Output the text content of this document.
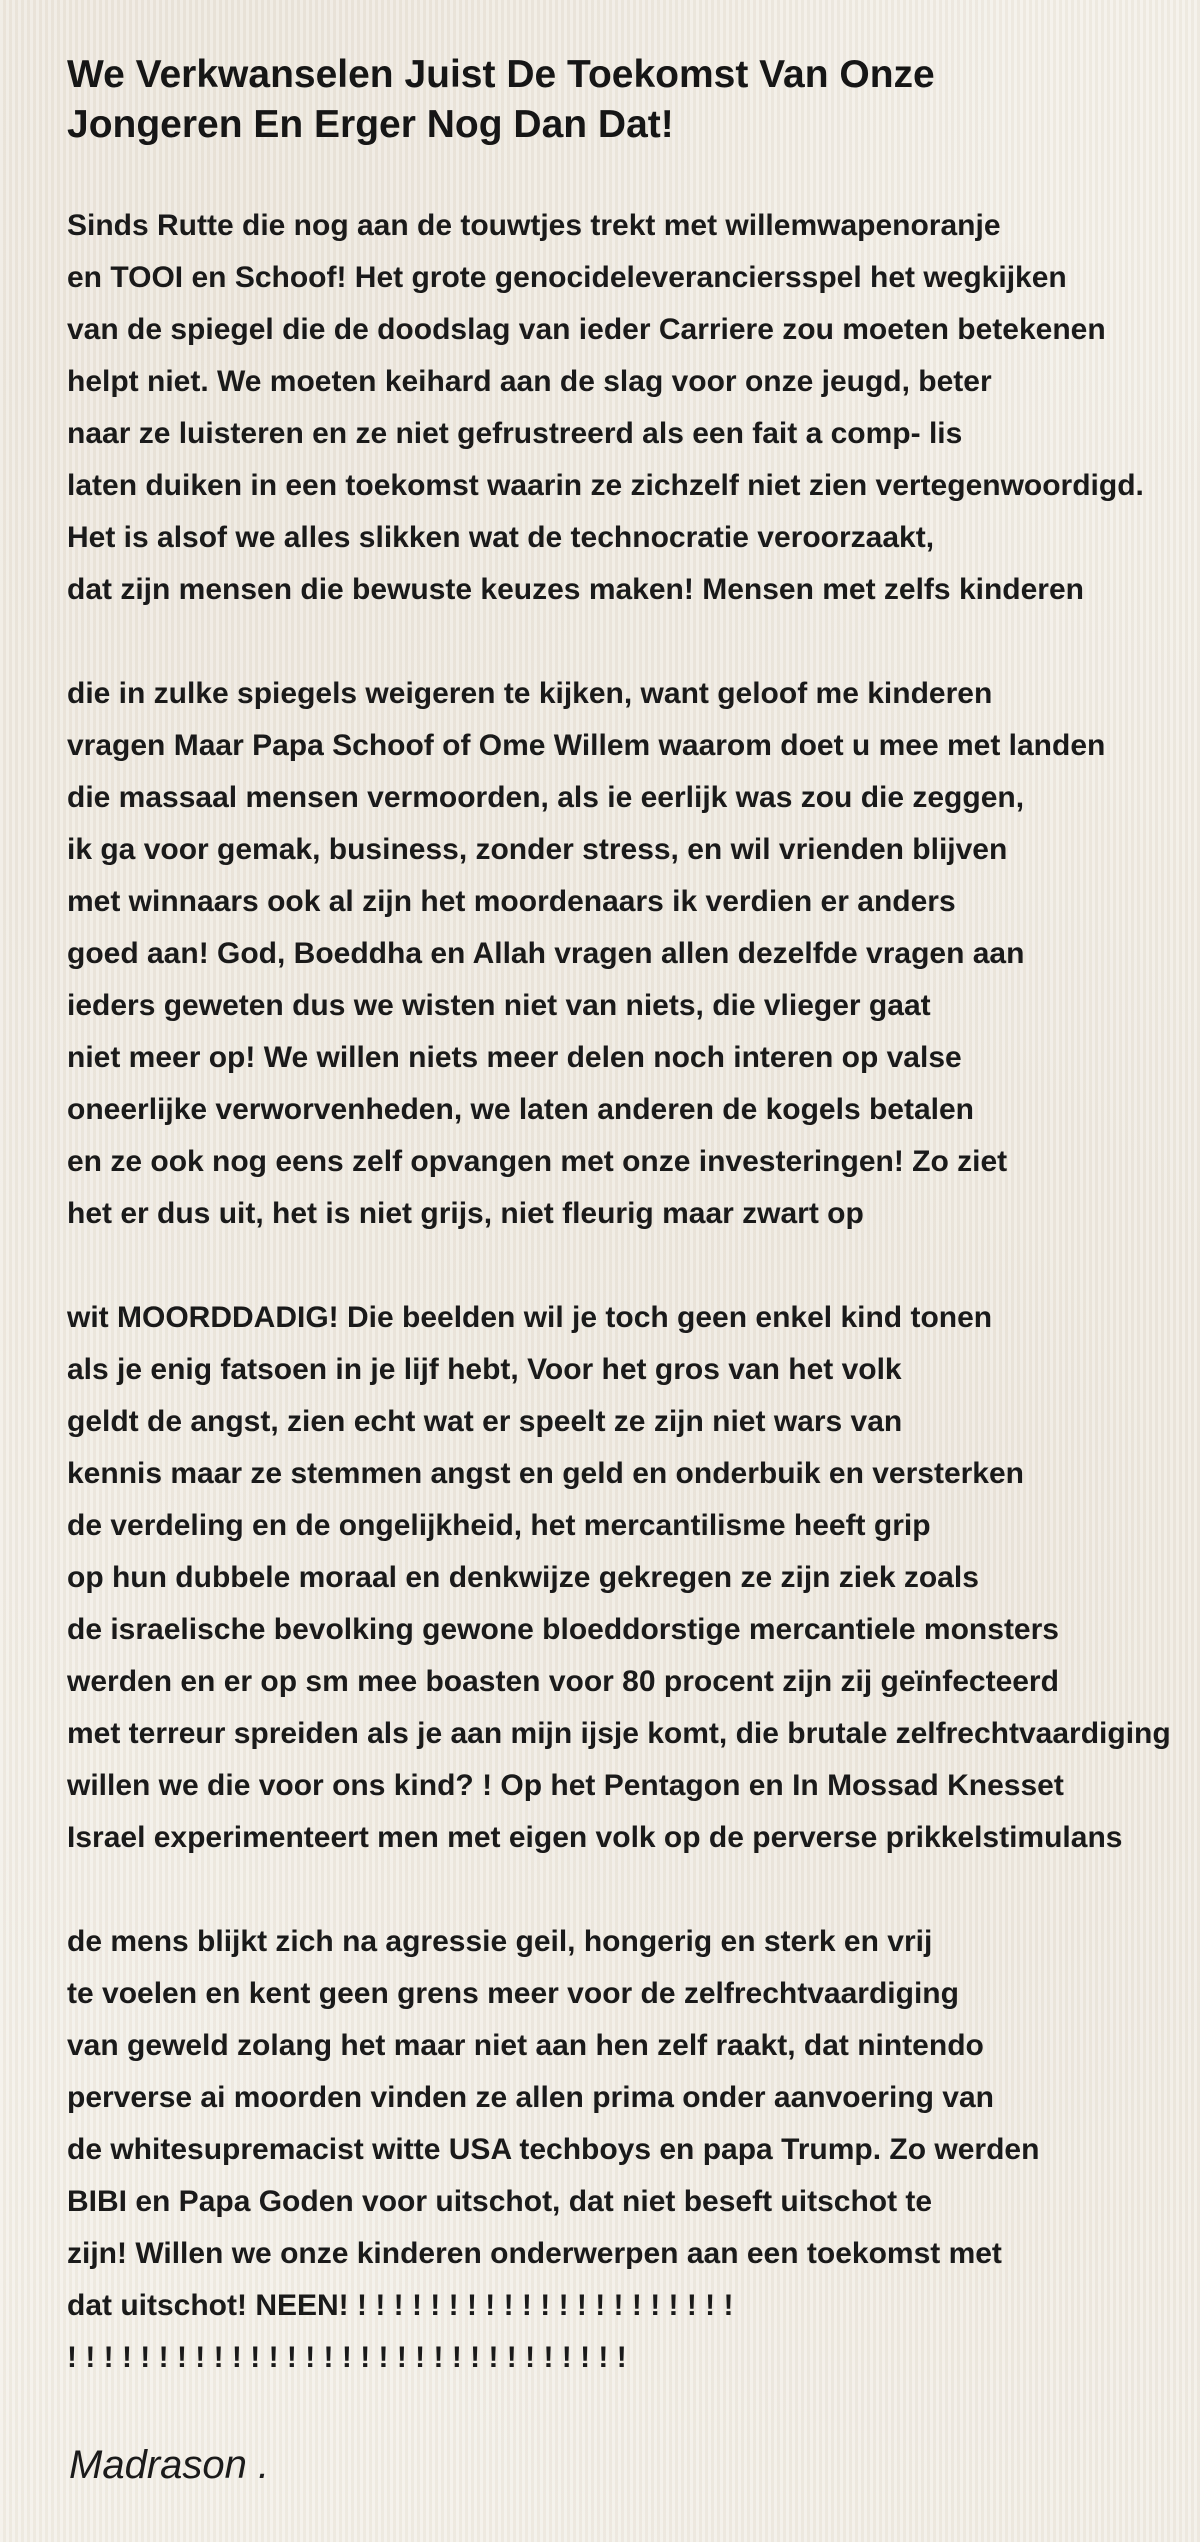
We Verkwanselen Juist De Toekomst Van Onze
Jongeren En Erger Nog Dan Dat!
Sinds Rutte die nog aan de touwtjes trekt met willemwapenoranje
en TOOI en Schoof! Het grote genocideleveranciersspel het wegkijken
van de spiegel die de doodslag van ieder Carriere zou moeten betekenen
helpt niet. We moeten keihard aan de slag voor onze jeugd, beter
naar ze luisteren en ze niet gefrustreerd als een fait a comp- lis
laten duiken in een toekomst waarin ze zichzelf niet zien vertegenwoordigd.
Het is alsof we alles slikken wat de technocratie veroorzaakt,
dat zijn mensen die bewuste keuzes maken! Mensen met zelfs kinderen
die in zulke spiegels weigeren te kijken, want geloof me kinderen
vragen Maar Papa Schoof of Ome Willem waarom doet u mee met landen
die massaal mensen vermoorden, als ie eerlijk was zou die zeggen,
ik ga voor gemak, business, zonder stress, en wil vrienden blijven
met winnaars ook al zijn het moordenaars ik verdien er anders
goed aan! God, Boeddha en Allah vragen allen dezelfde vragen aan
ieders geweten dus we wisten niet van niets, die vlieger gaat
niet meer op! We willen niets meer delen noch interen op valse
oneerlijke verworvenheden, we laten anderen de kogels betalen
en ze ook nog eens zelf opvangen met onze investeringen! Zo ziet
het er dus uit, het is niet grijs, niet fleurig maar zwart op
wit MOORDDADIG! Die beelden wil je toch geen enkel kind tonen
als je enig fatsoen in je lijf hebt, Voor het gros van het volk
geldt de angst, zien echt wat er speelt ze zijn niet wars van
kennis maar ze stemmen angst en geld en onderbuik en versterken
de verdeling en de ongelijkheid, het mercantilisme heeft grip
op hun dubbele moraal en denkwijze gekregen ze zijn ziek zoals
de israelische bevolking gewone bloeddorstige mercantiele monsters
werden en er op sm mee boasten voor 80 procent zijn zij geïnfecteerd
met terreur spreiden als je aan mijn ijsje komt, die brutale zelfrechtvaardiging
willen we die voor ons kind? ! Op het Pentagon en In Mossad Knesset
Israel experimenteert men met eigen volk op de perverse prikkelstimulans
de mens blijkt zich na agressie geil, hongerig en sterk en vrij
te voelen en kent geen grens meer voor de zelfrechtvaardiging
van geweld zolang het maar niet aan hen zelf raakt, dat nintendo
perverse ai moorden vinden ze allen prima onder aanvoering van
de whitesupremacist witte USA techboys en papa Trump. Zo werden
BIBI en Papa Goden voor uitschot, dat niet beseft uitschot te
zijn! Willen we onze kinderen onderwerpen aan een toekomst met
dat uitschot! NEEN! ! ! ! ! ! ! ! ! ! ! ! ! ! ! ! ! ! ! ! ! !
! ! ! ! ! ! ! ! ! ! ! ! ! ! ! ! ! ! ! ! ! ! ! ! ! ! ! ! ! ! !
Madrason .
